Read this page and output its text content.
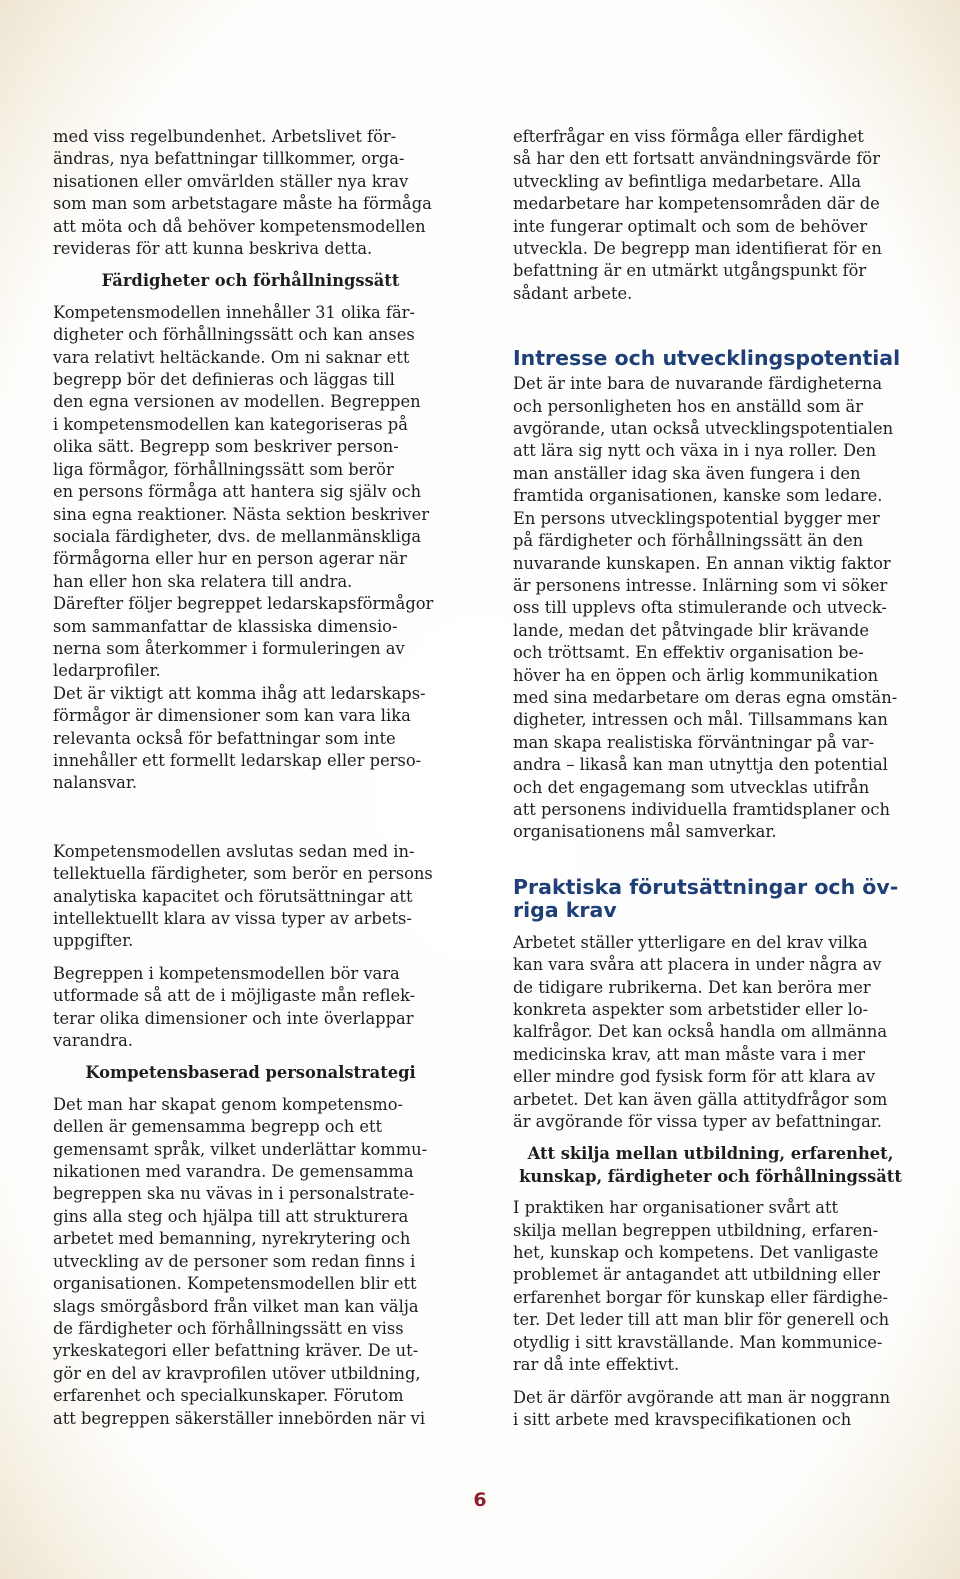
med viss regelbundenhet. Arbetslivet för-
ändras, nya befattningar tillkommer, orga-
nisationen eller omvärlden ställer nya krav
som man som arbetstagare måste ha förmåga
att möta och då behöver kompetensmodellen
revideras för att kunna beskriva detta.

Färdigheter och förhållningssätt

Kompetensmodellen innehåller 31 olika fär-
digheter och förhållningssätt och kan anses
vara relativt heltäckande. Om ni saknar ett
begrepp bör det definieras och läggas till
den egna versionen av modellen. Begreppen
i kompetensmodellen kan kategoriseras på
olika sätt. Begrepp som beskriver person-
liga förmågor, förhållningssätt som berör
en persons förmåga att hantera sig själv och
sina egna reaktioner. Nästa sektion beskriver
sociala färdigheter, dvs. de mellanmänskliga
förmågorna eller hur en person agerar när
han eller hon ska relatera till andra.
Därefter följer begreppet ledarskapsförmågor
som sammanfattar de klassiska dimensio-
nerna som återkommer i formuleringen av
ledarprofiler.
Det är viktigt att komma ihåg att ledarskaps-
förmågor är dimensioner som kan vara lika
relevanta också för befattningar som inte
innehåller ett formellt ledarskap eller perso-
nalansvar.

Kompetensmodellen avslutas sedan med in-
tellektuella färdigheter, som berör en persons
analytiska kapacitet och förutsättningar att
intellektuellt klara av vissa typer av arbets-
uppgifter.

Begreppen i kompetensmodellen bör vara
utformade så att de i möjligaste mån reflek-
terar olika dimensioner och inte överlappar
varandra.

Kompetensbaserad personalstrategi

Det man har skapat genom kompetensmo-
dellen är gemensamma begrepp och ett
gemensamt språk, vilket underlättar kommu-
nikationen med varandra. De gemensamma
begreppen ska nu vävas in i personalstrate-
gins alla steg och hjälpa till att strukturera
arbetet med bemanning, nyrekrytering och
utveckling av de personer som redan finns i
organisationen. Kompetensmodellen blir ett
slags smörgåsbord från vilket man kan välja
de färdigheter och förhållningssätt en viss
yrkeskategori eller befattning kräver. De ut-
gör en del av kravprofilen utöver utbildning,
erfarenhet och specialkunskaper. Förutom
att begreppen säkerställer innebörden när vi

efterfrågar en viss förmåga eller färdighet
så har den ett fortsatt användningsvärde för
utveckling av befintliga medarbetare. Alla
medarbetare har kompetensområden där de
inte fungerar optimalt och som de behöver
utveckla. De begrepp man identifierat för en
befattning är en utmärkt utgångspunkt för
sådant arbete.

Intresse och utvecklingspotential

Det är inte bara de nuvarande färdigheterna
och personligheten hos en anställd som är
avgörande, utan också utvecklingspotentialen
att lära sig nytt och växa in i nya roller. Den
man anställer idag ska även fungera i den
framtida organisationen, kanske som ledare.
En persons utvecklingspotential bygger mer
på färdigheter och förhållningssätt än den
nuvarande kunskapen. En annan viktig faktor
är personens intresse. Inlärning som vi söker
oss till upplevs ofta stimulerande och utveck-
lande, medan det påtvingade blir krävande
och tröttsamt. En effektiv organisation be-
höver ha en öppen och ärlig kommunikation
med sina medarbetare om deras egna omstän-
digheter, intressen och mål. Tillsammans kan
man skapa realistiska förväntningar på var-
andra – likaså kan man utnyttja den potential
och det engagemang som utvecklas utifrån
att personens individuella framtidsplaner och
organisationens mål samverkar.

Praktiska förutsättningar och öv-
riga krav

Arbetet ställer ytterligare en del krav vilka
kan vara svåra att placera in under några av
de tidigare rubrikerna. Det kan beröra mer
konkreta aspekter som arbetstider eller lo-
kalfrågor. Det kan också handla om allmänna
medicinska krav, att man måste vara i mer
eller mindre god fysisk form för att klara av
arbetet. Det kan även gälla attitydfrågor som
är avgörande för vissa typer av befattningar.

Att skilja mellan utbildning, erfarenhet,
kunskap, färdigheter och förhållningssätt

I praktiken har organisationer svårt att
skilja mellan begreppen utbildning, erfaren-
het, kunskap och kompetens. Det vanligaste
problemet är antagandet att utbildning eller
erfarenhet borgar för kunskap eller färdighe-
ter. Det leder till att man blir för generell och
otydlig i sitt kravställande. Man kommunice-
rar då inte effektivt.

Det är därför avgörande att man är noggrann
i sitt arbete med kravspecifikationen och

6
